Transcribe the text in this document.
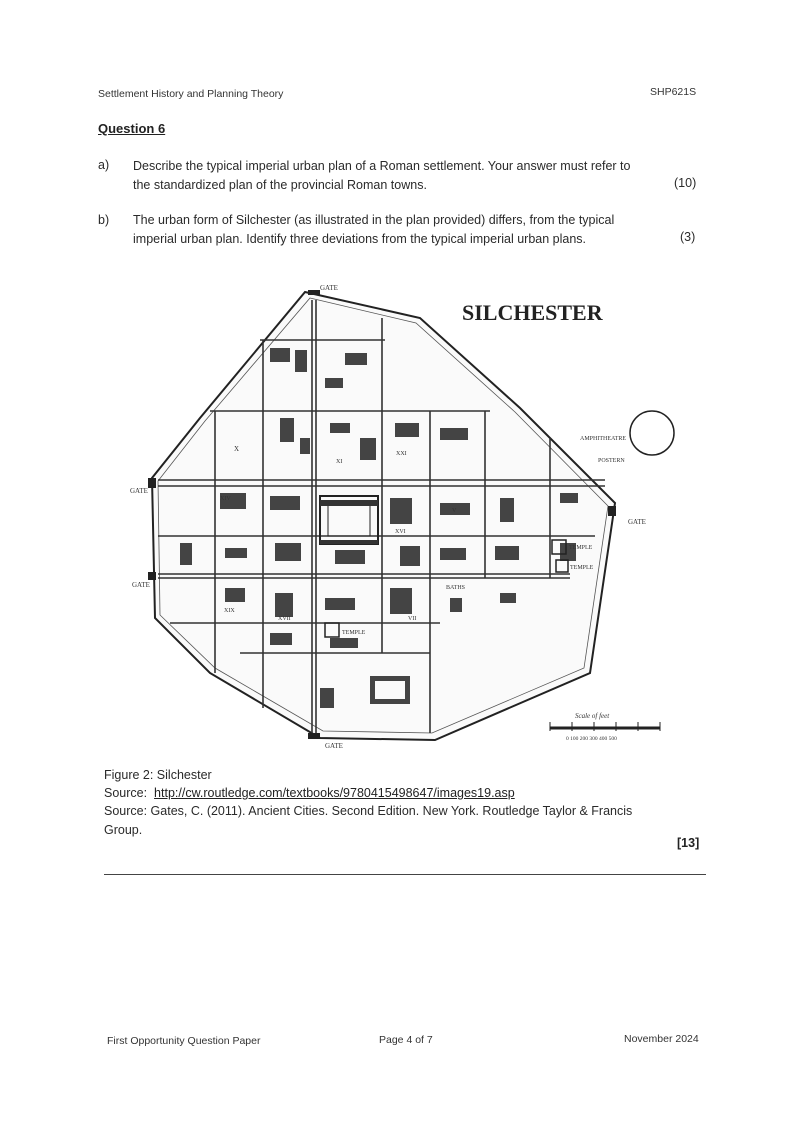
Settlement History and Planning Theory	SHP621S
Question 6
a) Describe the typical imperial urban plan of a Roman settlement. Your answer must refer to
the standardized plan of the provincial Roman towns.	(10)
b) The urban form of Silchester (as illustrated in the plan provided) differs, from the typical
imperial urban plan. Identify three deviations from the typical imperial urban plans.	(3)
SILCHESTER
GATE
GATE
GATE
GATE
GATE
AMPHITHEATRE
POSTERN
TEMPLE
TEMPLE
TEMPLE
BATHS
X
XIV
XVI
XIX
XVII	VII
XXI
V
XI
Scale of feet
0 100 200 300 400 500
Figure 2: Silchester
Source: http://cw.routledge.com/textbooks/9780415498647/images19.asp
Source: Gates, C. (2011). Ancient Cities. Second Edition. New York. Routledge Taylor & Francis
Group.
[13]
First Opportunity Question Paper	Page 4 of 7	November 2024
